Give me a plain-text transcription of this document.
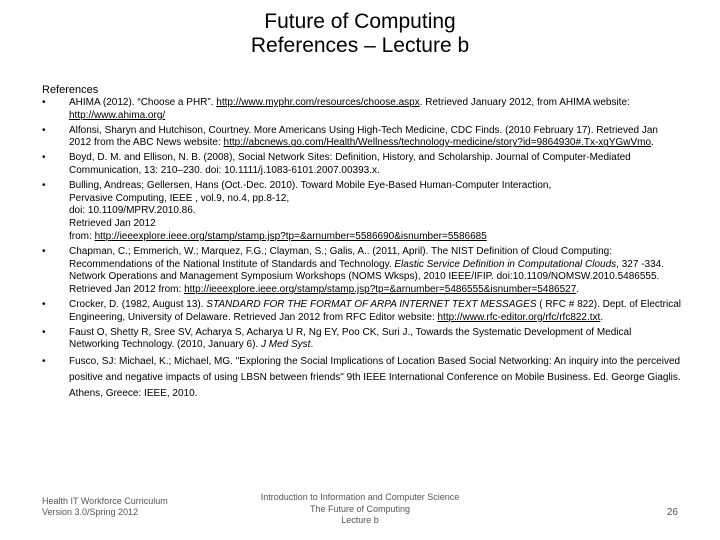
Future of Computing
References – Lecture b
References
• AHIMA (2012). “Choose a PHR”. http://www.myphr.com/resources/choose.aspx. Retrieved January 2012, from AHIMA website: http://www.ahima.org/
• Alfonsi, Sharyn and Hutchison, Courtney. More Americans Using High-Tech Medicine, CDC Finds. (2010 February 17). Retrieved Jan 2012 from the ABC News website: http://abcnews.go.com/Health/Wellness/technology-medicine/story?id=9864930#.Tx-xgYGwVmo.
• Boyd, D. M. and Ellison, N. B. (2008), Social Network Sites: Definition, History, and Scholarship. Journal of Computer-Mediated Communication, 13: 210–230. doi: 10.1111/j.1083-6101.2007.00393.x.
• Bulling, Andreas; Gellersen, Hans (Oct.-Dec. 2010). Toward Mobile Eye-Based Human-Computer Interaction,
Pervasive Computing, IEEE , vol.9, no.4, pp.8-12,
doi: 10.1109/MPRV.2010.86.
Retrieved Jan 2012
from: http://ieeexplore.ieee.org/stamp/stamp.jsp?tp=&arnumber=5586690&isnumber=5586685
• Chapman, C.; Emmerich, W.; Marquez, F.G.; Clayman, S.; Galis, A.. (2011, April). The NIST Definition of Cloud Computing: Recommendations of the National Institute of Standards and Technology. Elastic Service Definition in Computational Clouds, 327 -334. Network Operations and Management Symposium Workshops (NOMS Wksps), 2010 IEEE/IFIP. doi:10.1109/NOMSW.2010.5486555. Retrieved Jan 2012 from: http://ieeexplore.ieee.org/stamp/stamp.jsp?tp=&arnumber=5486555&isnumber=5486527.
• Crocker, D. (1982, August 13). STANDARD FOR THE FORMAT OF ARPA INTERNET TEXT MESSAGES ( RFC # 822). Dept. of Electrical Engineering, University of Delaware. Retrieved Jan 2012 from RFC Editor website: http://www.rfc-editor.org/rfc/rfc822.txt.
• Faust O, Shetty R, Sree SV, Acharya S, Acharya U R, Ng EY, Poo CK, Suri J., Towards the Systematic Development of Medical Networking Technology. (2010, January 6). J Med Syst.
• Fusco, SJ: Michael, K.; Michael, MG. "Exploring the Social Implications of Location Based Social Networking: An inquiry into the perceived positive and negative impacts of using LBSN between friends" 9th IEEE International Conference on Mobile Business. Ed. George Giaglis. Athens, Greece: IEEE, 2010.
Health IT Workforce Curriculum
Version 3.0/Spring 2012
Introduction to Information and Computer Science
The Future of Computing
Lecture b
26
